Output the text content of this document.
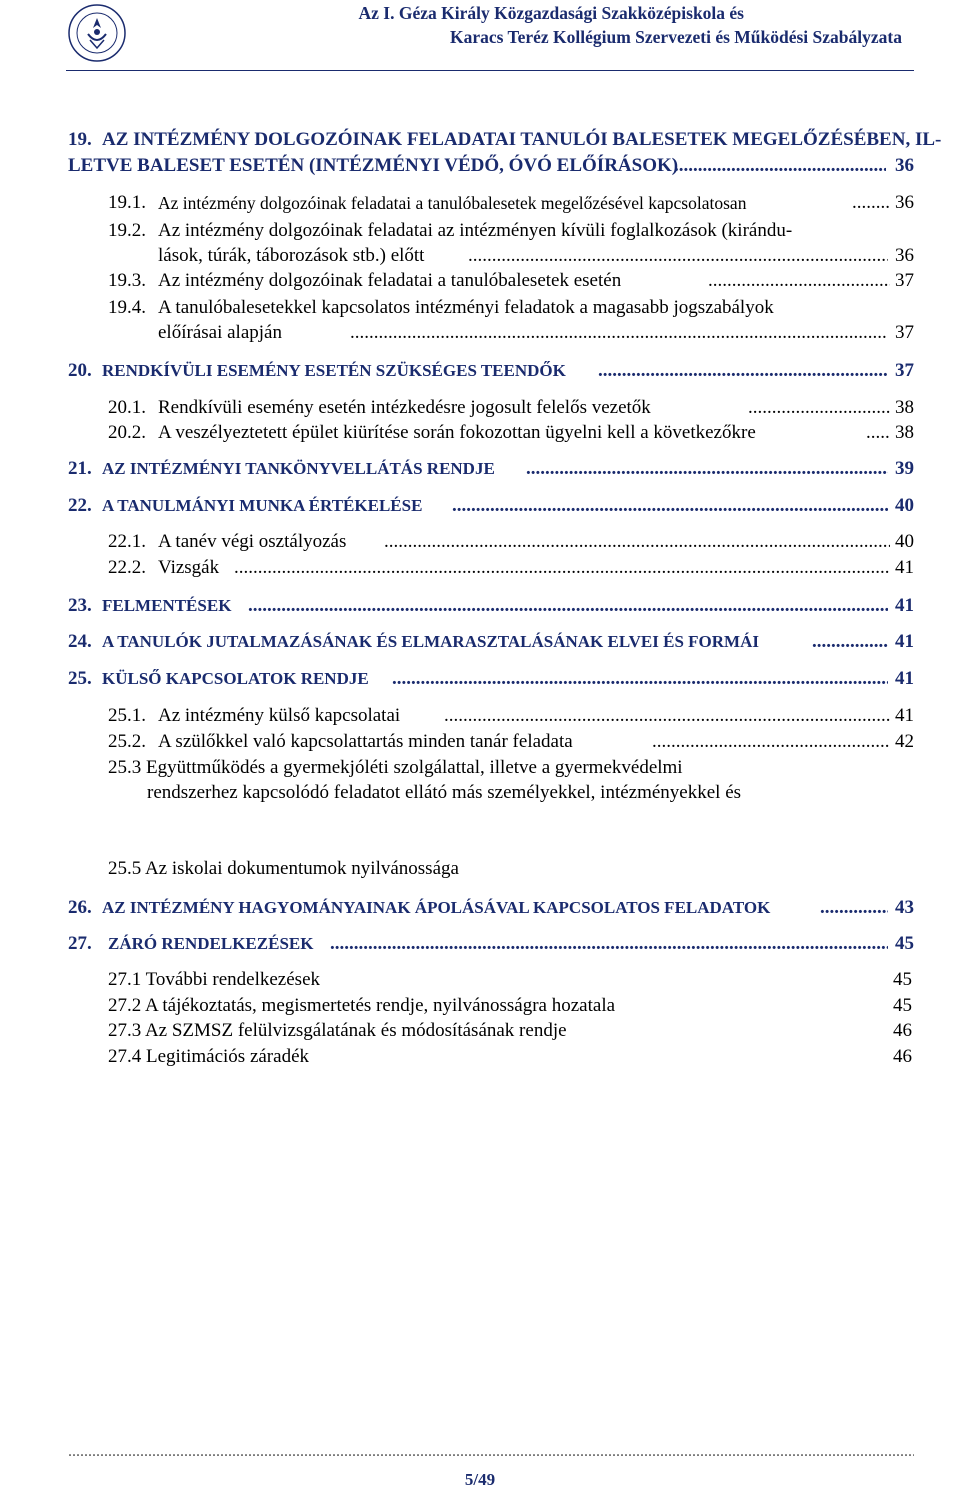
Az I. Géza Király Közgazdasági Szakközépiskola és
Karacs Teréz Kollégium Szervezeti és Működési Szabályzata
19. AZ INTÉZMÉNY DOLGOZÓINAK FELADATAI TANULÓI BALESETEK MEGELŐZÉSÉBEN, IL-
LETVE BALESET ESETÉN (INTÉZMÉNYI VÉDŐ, ÓVÓ ELŐÍRÁSOK) .....	36
19.1. Az intézmény dolgozóinak feladatai a tanulóbalesetek megelőzésével kapcsolatosan .....	36
19.2. Az intézmény dolgozóinak feladatai az intézményen kívüli foglalkozások (kirándu-
lások, túrák, táborozások stb.) előtt .....	36
19.3. Az intézmény dolgozóinak feladatai a tanulóbalesetek esetén .....	37
19.4. A tanulóbalesetekkel kapcsolatos intézményi feladatok a magasabb jogszabályok
előírásai alapján .....	37
20. RENDKÍVÜLI ESEMÉNY ESETÉN SZÜKSÉGES TEENDŐK .....	37
20.1. Rendkívüli esemény esetén intézkedésre jogosult felelős vezetők .....	38
20.2. A veszélyeztetett épület kiürítése során fokozottan ügyelni kell a következőkre .....	38
21. AZ INTÉZMÉNYI TANKÖNYVELLÁTÁS RENDJE .....	39
22. A TANULMÁNYI MUNKA ÉRTÉKELÉSE .....	40
22.1. A tanév végi osztályozás .....	40
22.2. Vizsgák .....	41
23. FELMENTÉSEK .....	41
24. A TANULÓK JUTALMAZÁSÁNAK ÉS ELMARASZTALÁSÁNAK ELVEI ÉS FORMÁI .....	41
25. KÜLSŐ KAPCSOLATOK RENDJE .....	41
25.1. Az intézmény külső kapcsolatai .....	41
25.2. A szülőkkel való kapcsolattartás minden tanár feladata .....	42
25.3 Együttműködés a gyermekjóléti szolgálattal, illetve a gyermekvédelmi
rendszerhez kapcsolódó feladatot ellátó más személyekkel, intézményekkel és
25.5 Az iskolai dokumentumok nyilvánossága
26. AZ INTÉZMÉNY HAGYOMÁNYAINAK ÁPOLÁSÁVAL KAPCSOLATOS FELADATOK .....	43
27. ZÁRÓ RENDELKEZÉSEK .....	45
27.1 További rendelkezések	45
27.2 A tájékoztatás, megismertetés rendje, nyilvánosságra hozatala	45
27.3 Az SZMSZ felülvizsgálatának és módosításának rendje	46
27.4 Legitimációs záradék	46
.....
5/49
